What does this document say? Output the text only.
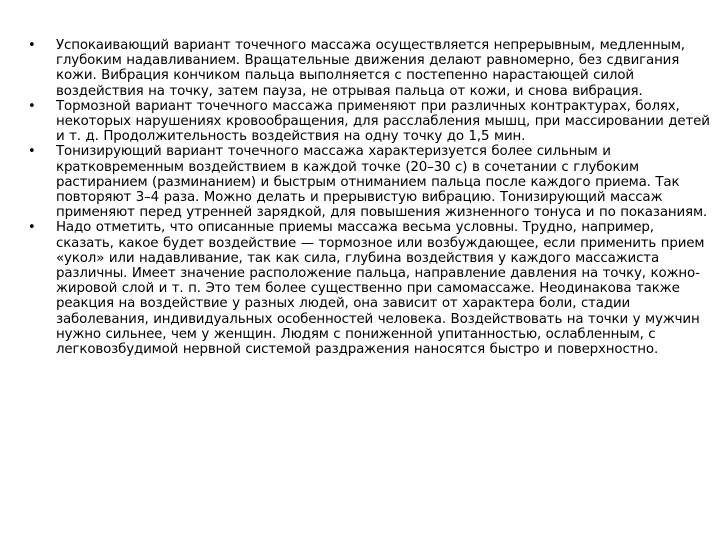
• Успокаивающий вариант точечного массажа осуществляется непрерывным, медленным, глубоким надавливанием. Вращательные движения делают равномерно, без сдвигания кожи. Вибрация кончиком пальца выполняется с постепенно нарастающей силой воздействия на точку, затем пауза, не отрывая пальца от кожи, и снова вибрация.
• Тормозной вариант точечного массажа применяют при различных контрактурах, болях, некоторых нарушениях кровообращения, для расслабления мышц, при массировании детей и т. д. Продолжительность воздействия на одну точку до 1,5 мин.
• Тонизирующий вариант точечного массажа характеризуется более сильным и кратковременным воздействием в каждой точке (20–30 с) в сочетании с глубоким растиранием (разминанием) и быстрым отниманием пальца после каждого приема. Так повторяют 3–4 раза. Можно делать и прерывистую вибрацию. Тонизирующий массаж применяют перед утренней зарядкой, для повышения жизненного тонуса и по показаниям.
• Надо отметить, что описанные приемы массажа весьма условны. Трудно, например, сказать, какое будет воздействие — тормозное или возбуждающее, если применить прием «укол» или надавливание, так как сила, глубина воздействия у каждого массажиста различны. Имеет значение расположение пальца, направление давления на точку, кожно-жировой слой и т. п. Это тем более существенно при самомассаже. Неодинакова также реакция на воздействие у разных людей, она зависит от характера боли, стадии заболевания, индивидуальных особенностей человека. Воздействовать на точки у мужчин нужно сильнее, чем у женщин. Людям с пониженной упитанностью, ослабленным, с легковозбудимой нервной системой раздражения наносятся быстро и поверхностно.
